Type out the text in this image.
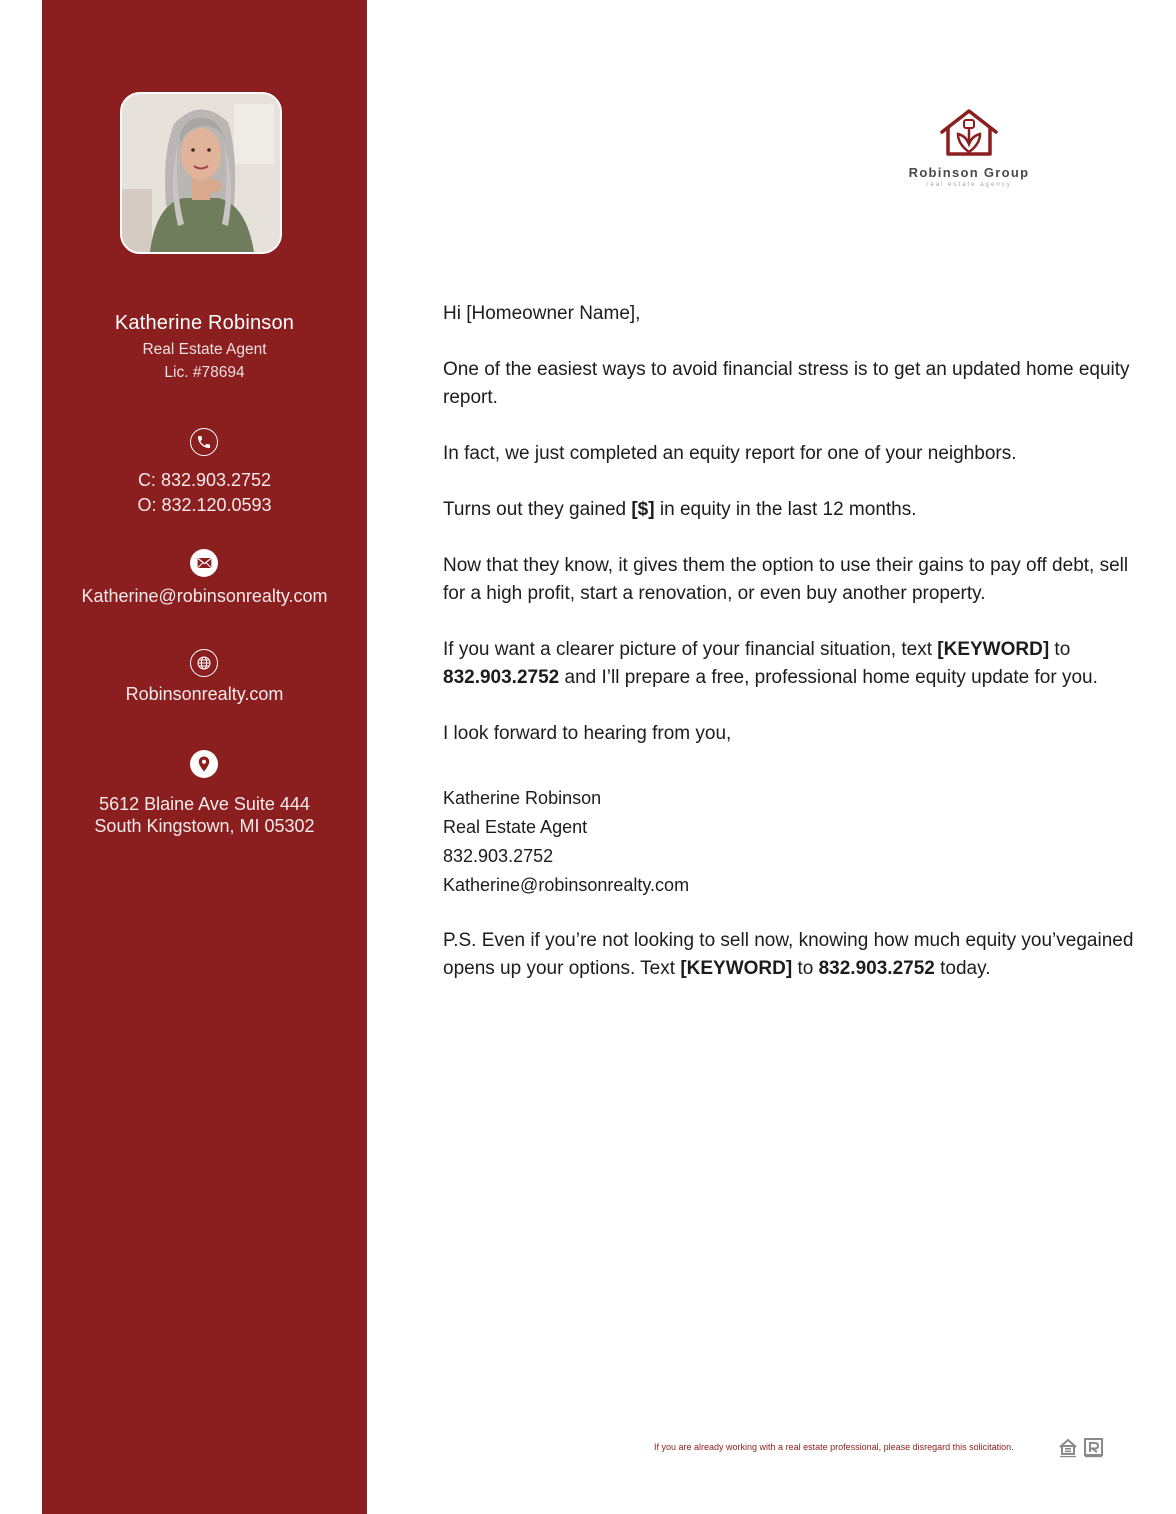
Katherine Robinson
Real Estate Agent
Lic. #78694
C: 832.903.2752
O: 832.120.0593
Katherine@robinsonrealty.com
Robinsonrealty.com
5612 Blaine Ave Suite 444
South Kingstown, MI 05302
Robinson Group
real estate agency

Hi [Homeowner Name],

One of the easiest ways to avoid financial stress is to get an updated home equity report.

In fact, we just completed an equity report for one of your neighbors.

Turns out they gained [$] in equity in the last 12 months.

Now that they know, it gives them the option to use their gains to pay off debt, sell for a high profit, start a renovation, or even buy another property.

If you want a clearer picture of your financial situation, text [KEYWORD] to 832.903.2752 and I’ll prepare a free, professional home equity update for you.

I look forward to hearing from you,

Katherine Robinson
Real Estate Agent
832.903.2752
Katherine@robinsonrealty.com

P.S. Even if you’re not looking to sell now, knowing how much equity you’vegained opens up your options. Text [KEYWORD] to 832.903.2752 today.

If you are already working with a real estate professional, please disregard this solicitation.
